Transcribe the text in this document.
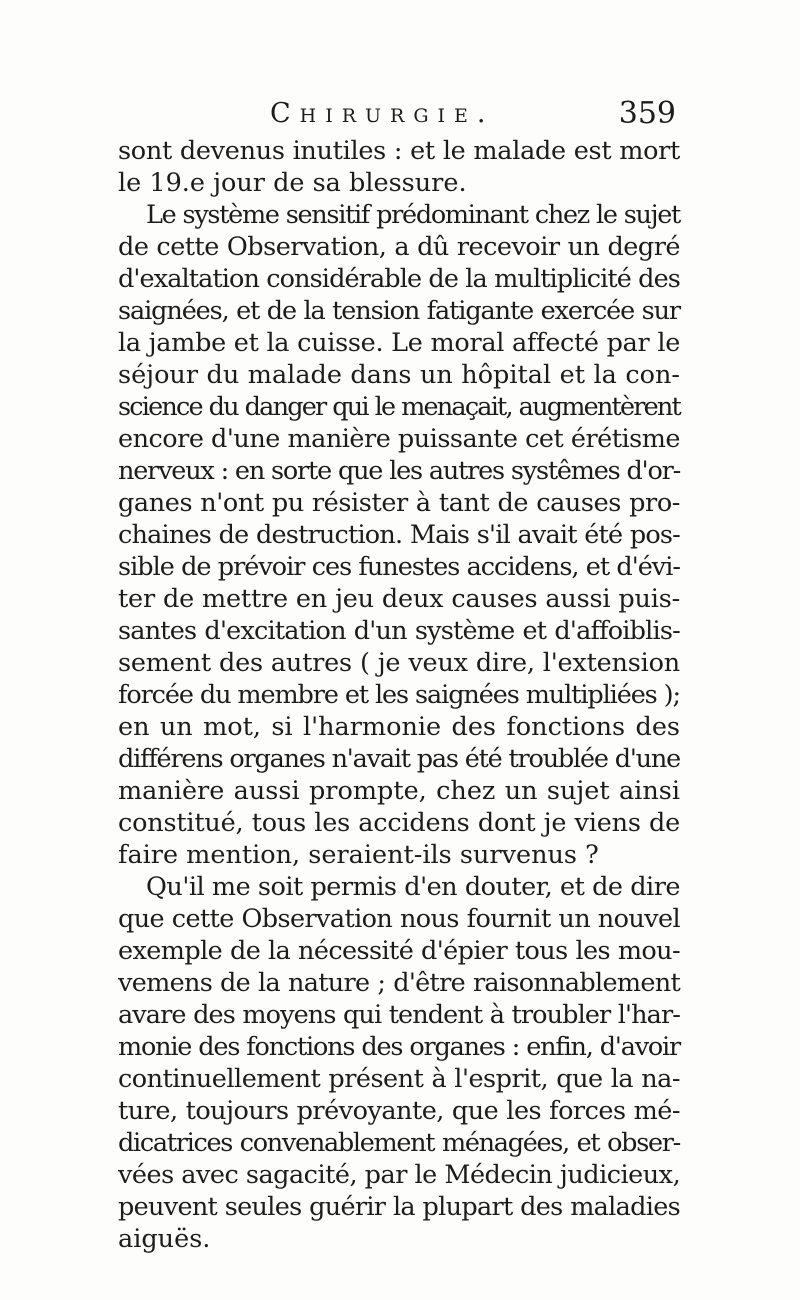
Chirurgie.	359
sont devenus inutiles : et le malade est mort
le 19.e jour de sa blessure.
Le système sensitif prédominant chez le sujet
de cette Observation, a dû recevoir un degré
d'exaltation considérable de la multiplicité des
saignées, et de la tension fatigante exercée sur
la jambe et la cuisse. Le moral affecté par le
séjour du malade dans un hôpital et la con-
science du danger qui le menaçait, augmentèrent
encore d'une manière puissante cet érétisme
nerveux : en sorte que les autres systêmes d'or-
ganes n'ont pu résister à tant de causes pro-
chaines de destruction. Mais s'il avait été pos-
sible de prévoir ces funestes accidens, et d'évi-
ter de mettre en jeu deux causes aussi puis-
santes d'excitation d'un système et d'affoiblis-
sement des autres ( je veux dire, l'extension
forcée du membre et les saignées multipliées );
en un mot, si l'harmonie des fonctions des
différens organes n'avait pas été troublée d'une
manière aussi prompte, chez un sujet ainsi
constitué, tous les accidens dont je viens de
faire mention, seraient-ils survenus ?
Qu'il me soit permis d'en douter, et de dire
que cette Observation nous fournit un nouvel
exemple de la nécessité d'épier tous les mou-
vemens de la nature ; d'être raisonnablement
avare des moyens qui tendent à troubler l'har-
monie des fonctions des organes : enfin, d'avoir
continuellement présent à l'esprit, que la na-
ture, toujours prévoyante, que les forces mé-
dicatrices convenablement ménagées, et obser-
vées avec sagacité, par le Médecin judicieux,
peuvent seules guérir la plupart des maladies
aiguës.
